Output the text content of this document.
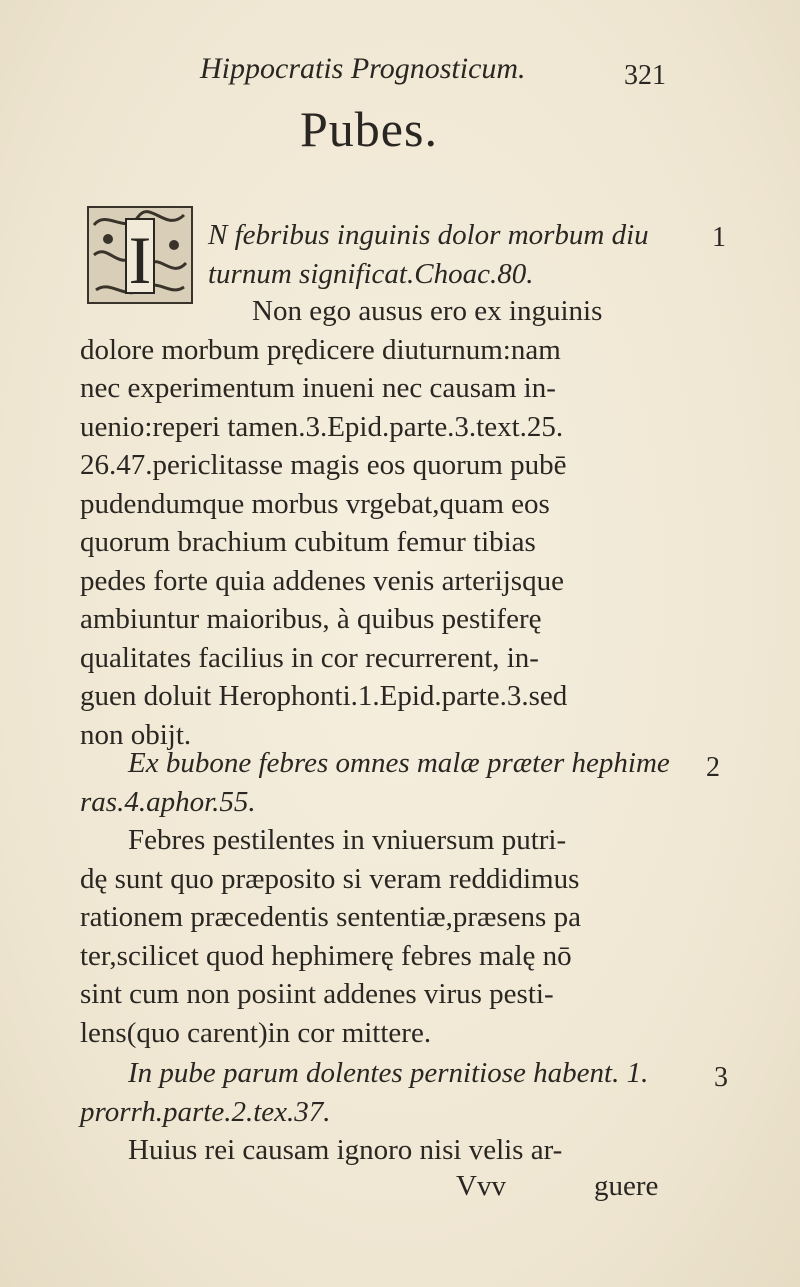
Hippocratis Prognosticum.	321
Pubes.
I	1
2
3
N febribus inguinis dolor morbum diu
turnum significat.Choac.80.
Non ego ausus ero ex inguinis
dolore morbum prędicere diuturnum:nam
nec experimentum inueni nec causam in-
uenio:reperi tamen.3.Epid.parte.3.text.25.
26.47.periclitasse magis eos quorum pubē
pudendumque morbus vrgebat,quam eos
quorum brachium cubitum femur tibias
pedes forte quia addenes venis arterijsque
ambiuntur maioribus, à quibus pestiferę
qualitates facilius in cor recurrerent, in-
guen doluit Herophonti.1.Epid.parte.3.sed
non obijt.
Ex bubone febres omnes malæ præter hephime
ras.4.aphor.55.
Febres pestilentes in vniuersum putri-
dę sunt quo præposito si veram reddidimus
rationem præcedentis sententiæ,præsens pa
ter,scilicet quod hephimerę febres malę nō
sint cum non posiint addenes virus pesti-
lens(quo carent)in cor mittere.
In pube parum dolentes pernitiose habent. 1.
prorrh.parte.2.tex.37.
Huius rei causam ignoro nisi velis ar-
Vvv	guere
